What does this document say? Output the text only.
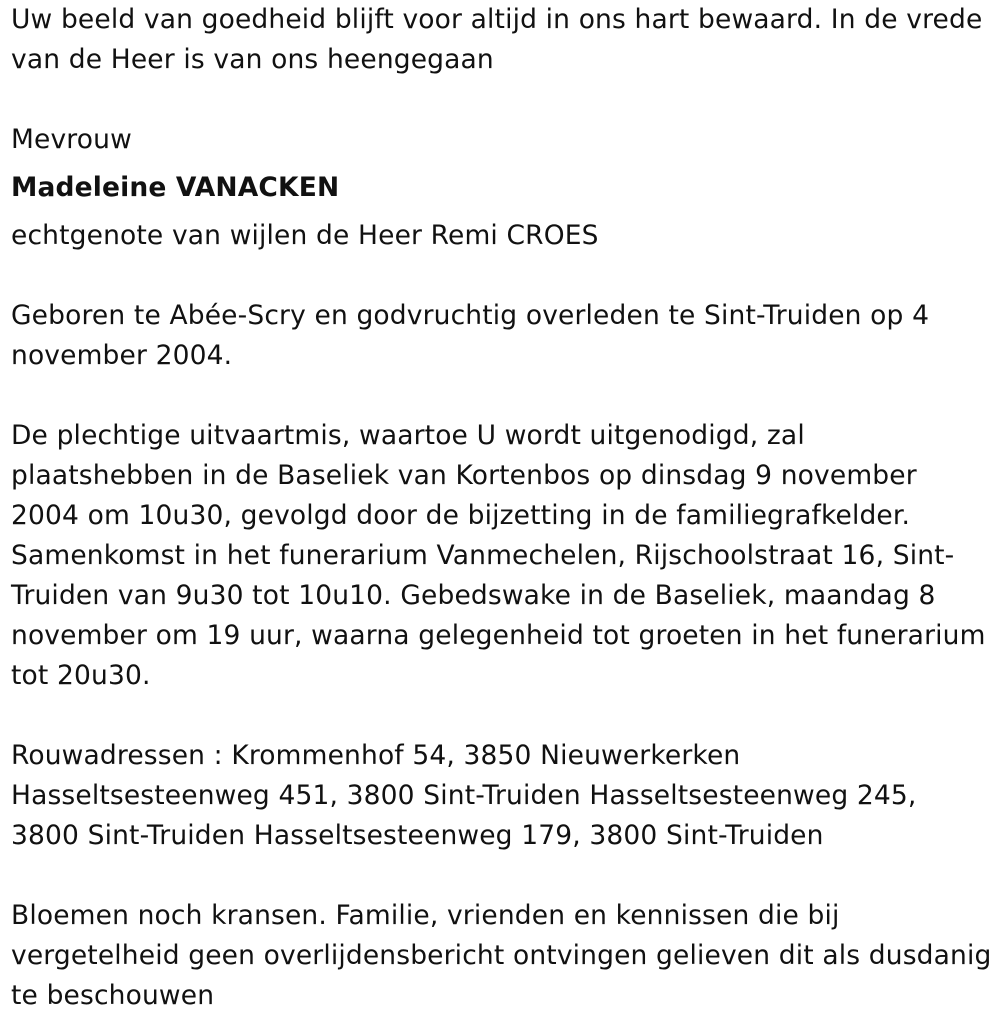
Uw beeld van goedheid blijft voor altijd in ons hart bewaard. In de vrede van de Heer is van ons heengegaan

Mevrouw

Madeleine VANACKEN

echtgenote van wijlen de Heer Remi CROES

Geboren te Abée-Scry en godvruchtig overleden te Sint-Truiden op 4 november 2004.

De plechtige uitvaartmis, waartoe U wordt uitgenodigd, zal plaatshebben in de Baseliek van Kortenbos op dinsdag 9 november 2004 om 10u30, gevolgd door de bijzetting in de familiegrafkelder. Samenkomst in het funerarium Vanmechelen, Rijschoolstraat 16, Sint-Truiden van 9u30 tot 10u10. Gebedswake in de Baseliek, maandag 8 november om 19 uur, waarna gelegenheid tot groeten in het funerarium tot 20u30.

Rouwadressen : Krommenhof 54, 3850 Nieuwerkerken Hasseltsesteenweg 451, 3800 Sint-Truiden Hasseltsesteenweg 245, 3800 Sint-Truiden Hasseltsesteenweg 179, 3800 Sint-Truiden

Bloemen noch kransen. Familie, vrienden en kennissen die bij vergetelheid geen overlijdensbericht ontvingen gelieven dit als dusdanig te beschouwen
